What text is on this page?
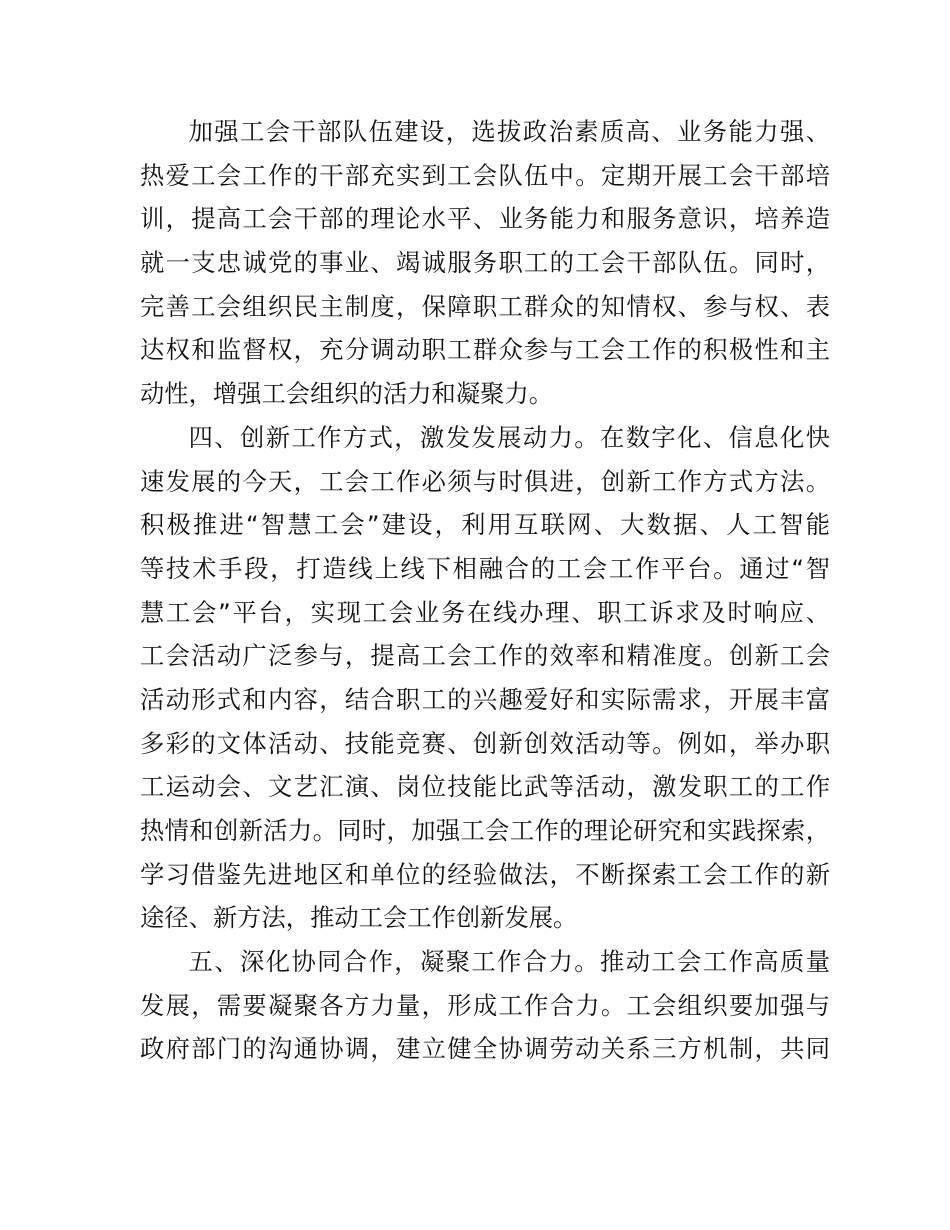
加强工会干部队伍建设，选拔政治素质高、业务能力强、
热爱工会工作的干部充实到工会队伍中。定期开展工会干部培
训，提高工会干部的理论水平、业务能力和服务意识，培养造
就一支忠诚党的事业、竭诚服务职工的工会干部队伍。同时，
完善工会组织民主制度，保障职工群众的知情权、参与权、表
达权和监督权，充分调动职工群众参与工会工作的积极性和主
动性，增强工会组织的活力和凝聚力。
四、创新工作方式，激发发展动力。在数字化、信息化快
速发展的今天，工会工作必须与时俱进，创新工作方式方法。
积极推进“智慧工会”建设，利用互联网、大数据、人工智能
等技术手段，打造线上线下相融合的工会工作平台。通过“智
慧工会”平台，实现工会业务在线办理、职工诉求及时响应、
工会活动广泛参与，提高工会工作的效率和精准度。创新工会
活动形式和内容，结合职工的兴趣爱好和实际需求，开展丰富
多彩的文体活动、技能竞赛、创新创效活动等。例如，举办职
工运动会、文艺汇演、岗位技能比武等活动，激发职工的工作
热情和创新活力。同时，加强工会工作的理论研究和实践探索，
学习借鉴先进地区和单位的经验做法，不断探索工会工作的新
途径、新方法，推动工会工作创新发展。
五、深化协同合作，凝聚工作合力。推动工会工作高质量
发展，需要凝聚各方力量，形成工作合力。工会组织要加强与
政府部门的沟通协调，建立健全协调劳动关系三方机制，共同
